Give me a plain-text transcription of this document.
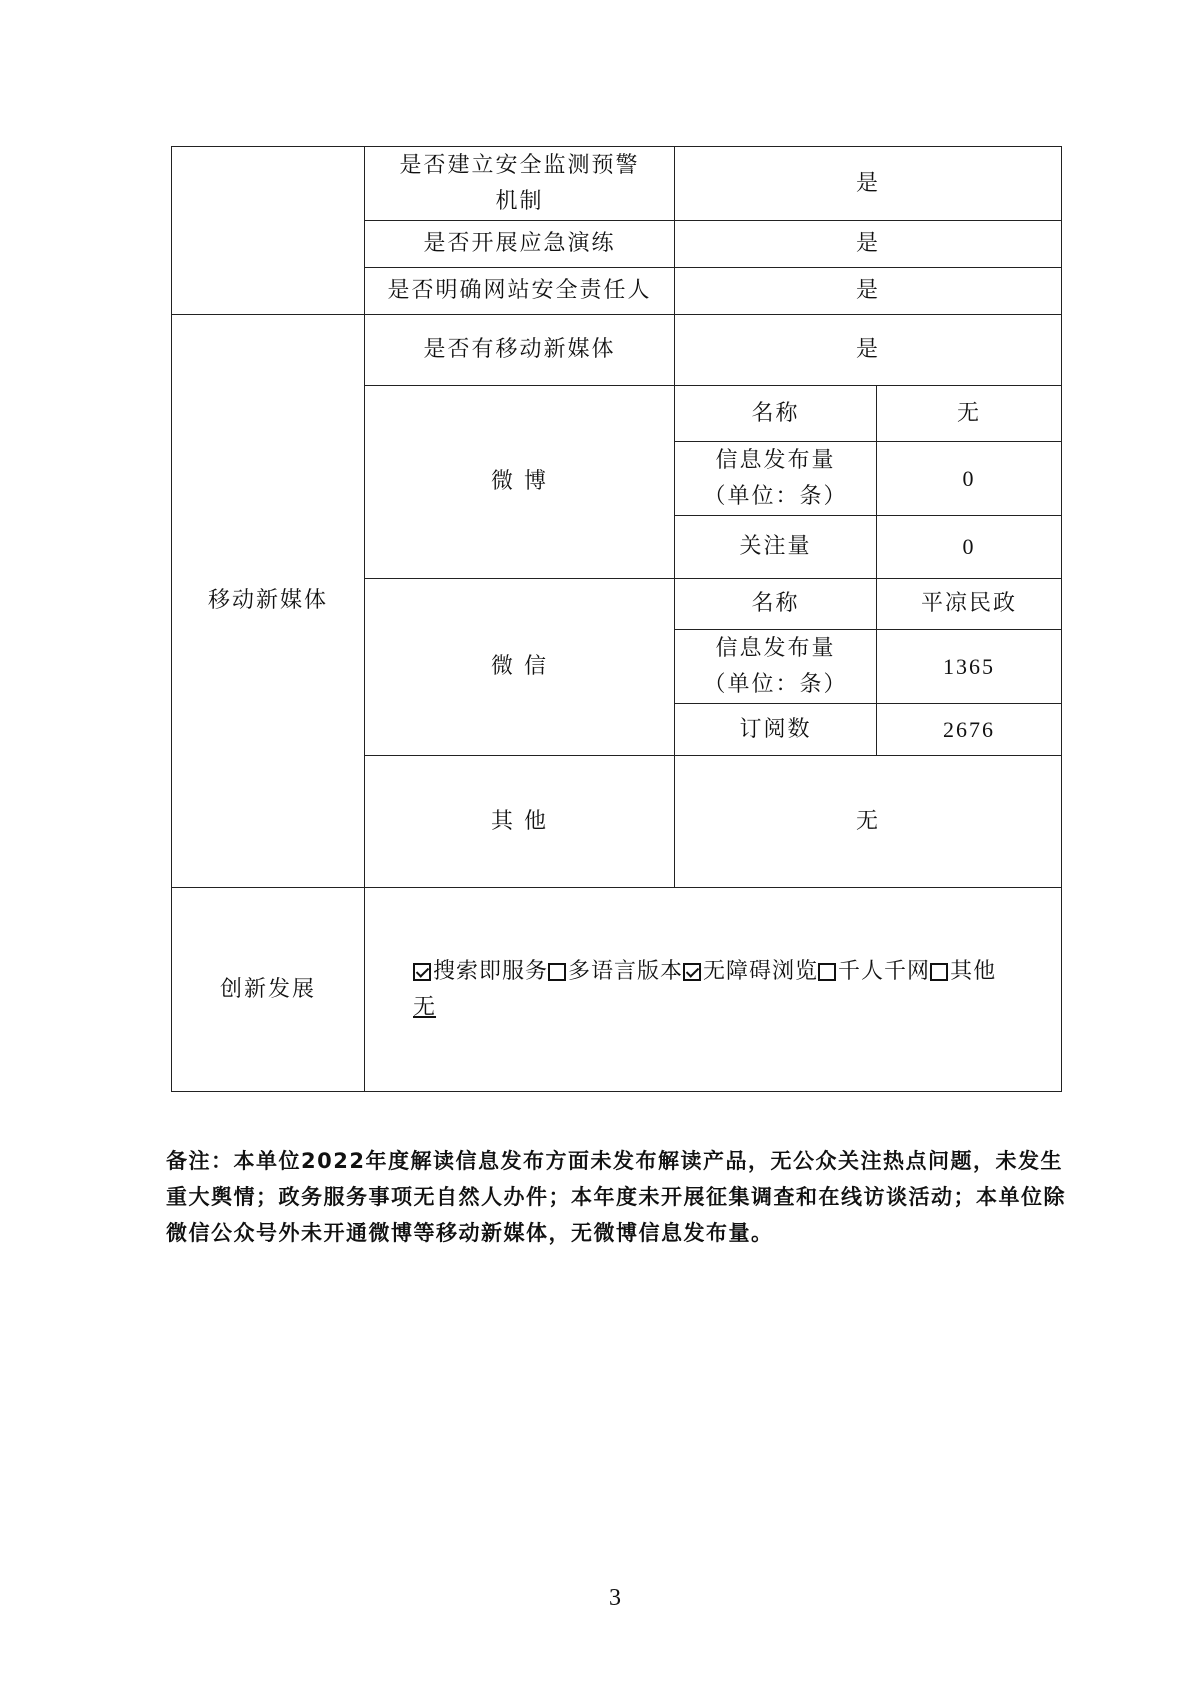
	是否建立安全监测预警机制	是	
	是否开展应急演练	是	
	是否明确网站安全责任人	是	
移动新媒体	是否有移动新媒体	是	
	微 博	名称	无
		信息发布量（单位：条）	0
		关注量	0
	微 信	名称	平凉民政
		信息发布量（单位：条）	1365
		订阅数	2676
	其 他	无	
创新发展	搜索即服务 多语言版本 无障碍浏览 千人千网 其他
无		

备注：本单位2022年度解读信息发布方面未发布解读产品，无公众关注热点问题，未发生重大舆情；政务服务事项无自然人办件；本年度未开展征集调查和在线访谈活动；本单位除微信公众号外未开通微博等移动新媒体，无微博信息发布量。

3
